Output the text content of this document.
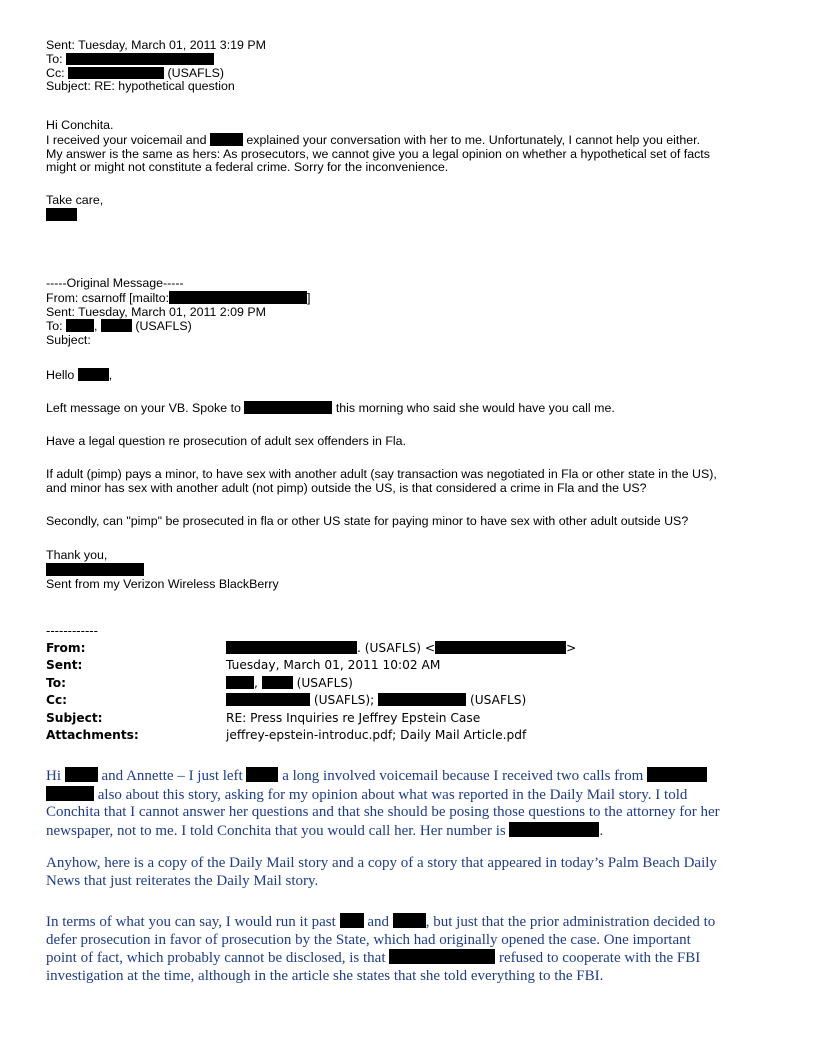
Sent: Tuesday, March 01, 2011 3:19 PM
To:
Cc:	(USAFLS)
Subject: RE: hypothetical question
Hi Conchita.
I received your voicemail and	explained your conversation with her to me. Unfortunately, I cannot help you either.
My answer is the same as hers: As prosecutors, we cannot give you a legal opinion on whether a hypothetical set of facts
might or might not constitute a federal crime. Sorry for the inconvenience.
Take care,
-----Original Message-----
From: csarnoff [mailto:	]
Sent: Tuesday, March 01, 2011 2:09 PM
To:	,	(USAFLS)
Subject:
Hello	,
Left message on your VB. Spoke to	this morning who said she would have you call me.
Have a legal question re prosecution of adult sex offenders in Fla.
If adult (pimp) pays a minor, to have sex with another adult (say transaction was negotiated in Fla or other state in the US),
and minor has sex with another adult (not pimp) outside the US, is that considered a crime in Fla and the US?
Secondly, can "pimp" be prosecuted in fla or other US state for paying minor to have sex with other adult outside US?
Thank you,
Sent from my Verizon Wireless BlackBerry
------------
From:	. (USAFLS) <	>
Sent:	Tuesday, March 01, 2011 10:02 AM
To:	,	(USAFLS)
Cc:	(USAFLS);	(USAFLS)
Subject:	RE: Press Inquiries re Jeffrey Epstein Case
Attachments:	jeffrey-epstein-introduc.pdf; Daily Mail Article.pdf
Hi	and Annette – I just left	a long involved voicemail because I received two calls from
also about this story, asking for my opinion about what was reported in the Daily Mail story. I told
Conchita that I cannot answer her questions and that she should be posing those questions to the attorney for her
newspaper, not to me. I told Conchita that you would call her. Her number is	.
Anyhow, here is a copy of the Daily Mail story and a copy of a story that appeared in today’s Palm Beach Daily
News that just reiterates the Daily Mail story.
In terms of what you can say, I would run it past and , but just that the prior administration decided to
defer prosecution in favor of prosecution by the State, which had originally opened the case. One important
point of fact, which probably cannot be disclosed, is that	refused to cooperate with the FBI
investigation at the time, although in the article she states that she told everything to the FBI.
